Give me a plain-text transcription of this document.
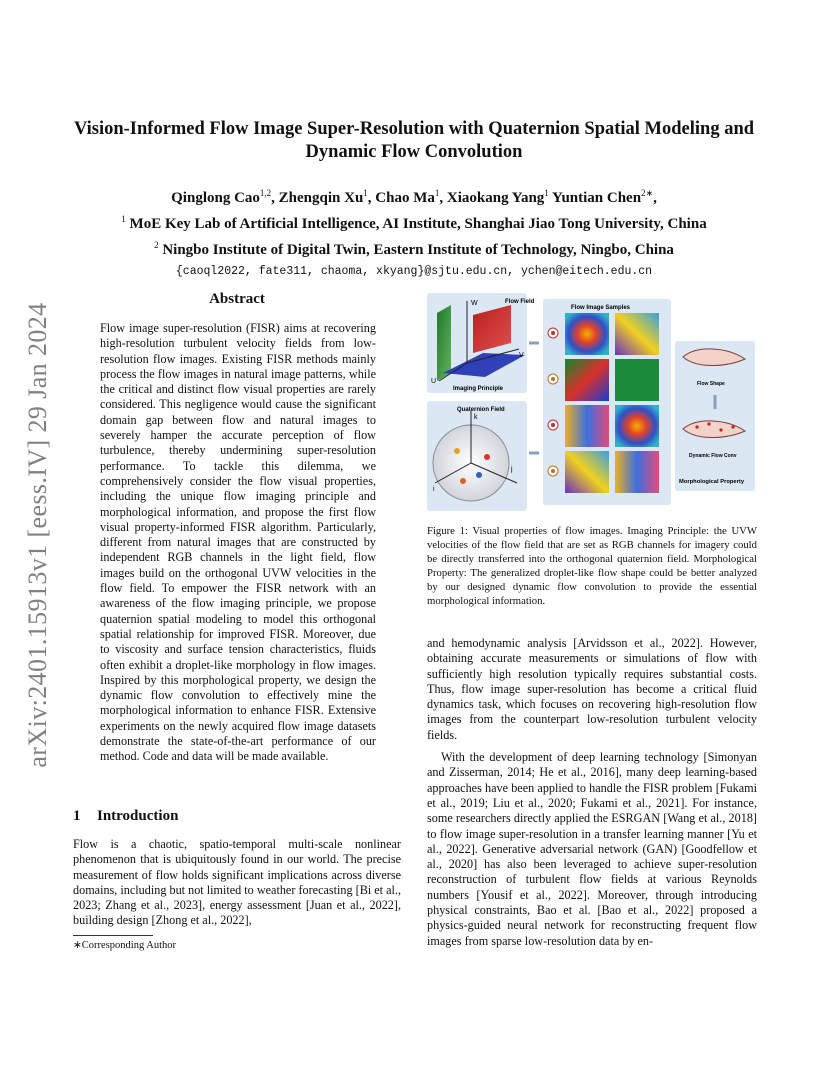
Vision-Informed Flow Image Super-Resolution with Quaternion Spatial Modeling and Dynamic Flow Convolution
Qinglong Cao$^{1,2}$, Zhengqin Xu$^1$, Chao Ma$^1$, Xiaokang Yang$^1$ Yuntian Chen$^{2∗}$,
$^1$ MoE Key Lab of Artificial Intelligence, AI Institute, Shanghai Jiao Tong University, China
$^2$ Ningbo Institute of Digital Twin, Eastern Institute of Technology, Ningbo, China
{caoql2022, fate311, chaoma, xkyang}@sjtu.edu.cn, ychen@eitech.edu.cn
arXiv:2401.15913v1 [eess.IV] 29 Jan 2024
Abstract

Flow image super-resolution (FISR) aims at recovering high-resolution turbulent velocity fields from low-resolution flow images. Existing FISR methods mainly process the flow images in natural image patterns, while the critical and distinct flow visual properties are rarely considered. This negligence would cause the significant domain gap between flow and natural images to severely hamper the accurate perception of flow turbulence, thereby undermining super-resolution performance. To tackle this dilemma, we comprehensively consider the flow visual properties, including the unique flow imaging principle and morphological information, and propose the first flow visual property-informed FISR algorithm. Particularly, different from natural images that are constructed by independent RGB channels in the light field, flow images build on the orthogonal UVW velocities in the flow field. To empower the FISR network with an awareness of the flow imaging principle, we propose quaternion spatial modeling to model this orthogonal spatial relationship for improved FISR. Moreover, due to viscosity and surface tension characteristics, fluids often exhibit a droplet-like morphology in flow images. Inspired by this morphological property, we design the dynamic flow convolution to effectively mine the morphological information to enhance FISR. Extensive experiments on the newly acquired flow image datasets demonstrate the state-of-the-art performance of our method. Code and data will be made available.

1 Introduction

Flow is a chaotic, spatio-temporal multi-scale nonlinear phenomenon that is ubiquitously found in our world. The precise measurement of flow holds significant implications across diverse domains, including but not limited to weather forecasting [Bi et al., 2023; Zhang et al., 2023], energy assessment [Juan et al., 2022], building design [Zhong et al., 2022],

∗Corresponding Author
W
U
V
Flow Field
Imaging Principle
Quaternion Field
i
j
k
Flow Image Samples
Flow Shape
Dynamic Flow Conv
Morphological Property

Figure 1: Visual properties of flow images. Imaging Principle: the UVW velocities of the flow field that are set as RGB channels for imagery could be directly transferred into the orthogonal quaternion field. Morphological Property: The generalized droplet-like flow shape could be better analyzed by our designed dynamic flow convolution to provide the essential morphological information.

and hemodynamic analysis [Arvidsson et al., 2022]. However, obtaining accurate measurements or simulations of flow with sufficiently high resolution typically requires substantial costs. Thus, flow image super-resolution has become a critical fluid dynamics task, which focuses on recovering high-resolution flow images from the counterpart low-resolution turbulent velocity fields.

With the development of deep learning technology [Simonyan and Zisserman, 2014; He et al., 2016], many deep learning-based approaches have been applied to handle the FISR problem [Fukami et al., 2019; Liu et al., 2020; Fukami et al., 2021]. For instance, some researchers directly applied the ESRGAN [Wang et al., 2018] to flow image super-resolution in a transfer learning manner [Yu et al., 2022]. Generative adversarial network (GAN) [Goodfellow et al., 2020] has also been leveraged to achieve super-resolution reconstruction of turbulent flow fields at various Reynolds numbers [Yousif et al., 2022]. Moreover, through introducing physical constraints, Bao et al. [Bao et al., 2022] proposed a physics-guided neural network for reconstructing frequent flow images from sparse low-resolution data by en-
